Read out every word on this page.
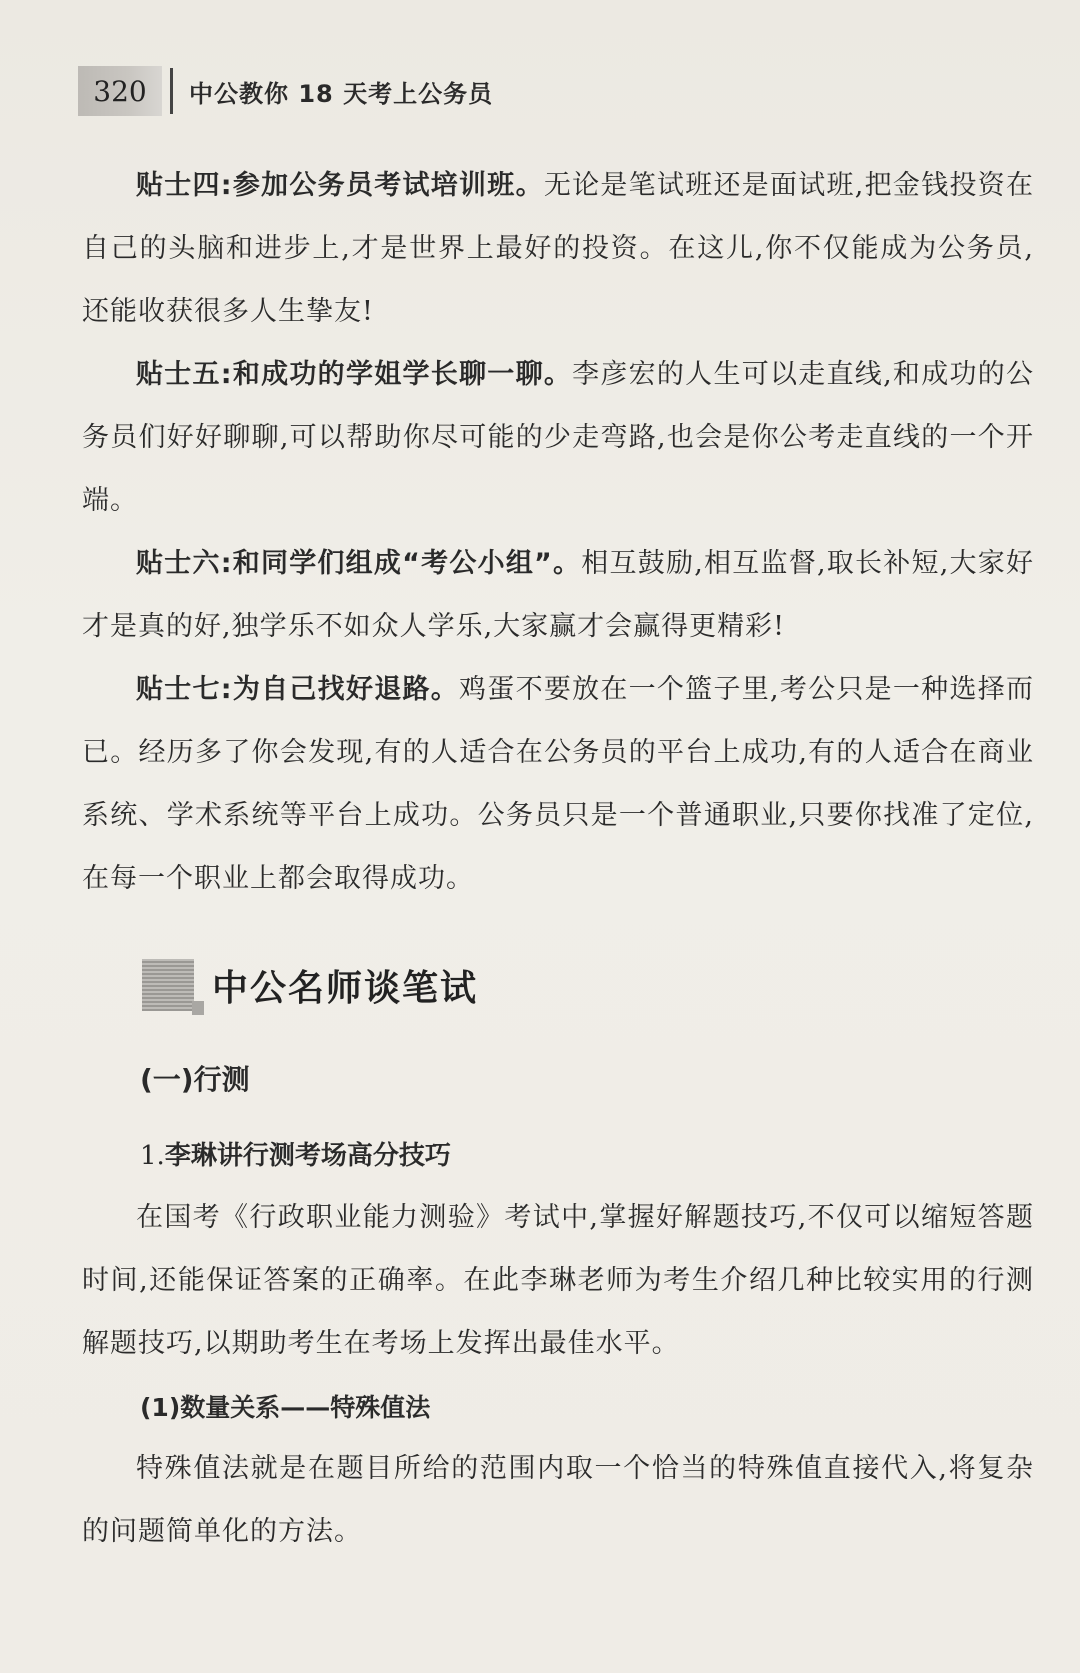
320	中公教你 18 天考上公务员

贴士四:参加公务员考试培训班。无论是笔试班还是面试班,把金钱投资在自己的头脑和进步上,才是世界上最好的投资。在这儿,你不仅能成为公务员,还能收获很多人生挚友!

贴士五:和成功的学姐学长聊一聊。李彦宏的人生可以走直线,和成功的公务员们好好聊聊,可以帮助你尽可能的少走弯路,也会是你公考走直线的一个开端。

贴士六:和同学们组成“考公小组”。相互鼓励,相互监督,取长补短,大家好才是真的好,独学乐不如众人学乐,大家赢才会赢得更精彩!

贴士七:为自己找好退路。鸡蛋不要放在一个篮子里,考公只是一种选择而已。经历多了你会发现,有的人适合在公务员的平台上成功,有的人适合在商业系统、学术系统等平台上成功。公务员只是一个普通职业,只要你找准了定位,在每一个职业上都会取得成功。

中公名师谈笔试
(一)行测
1.李琳讲行测考场高分技巧

在国考《行政职业能力测验》考试中,掌握好解题技巧,不仅可以缩短答题时间,还能保证答案的正确率。在此李琳老师为考生介绍几种比较实用的行测解题技巧,以期助考生在考场上发挥出最佳水平。

(1)数量关系——特殊值法

特殊值法就是在题目所给的范围内取一个恰当的特殊值直接代入,将复杂的问题简单化的方法。
